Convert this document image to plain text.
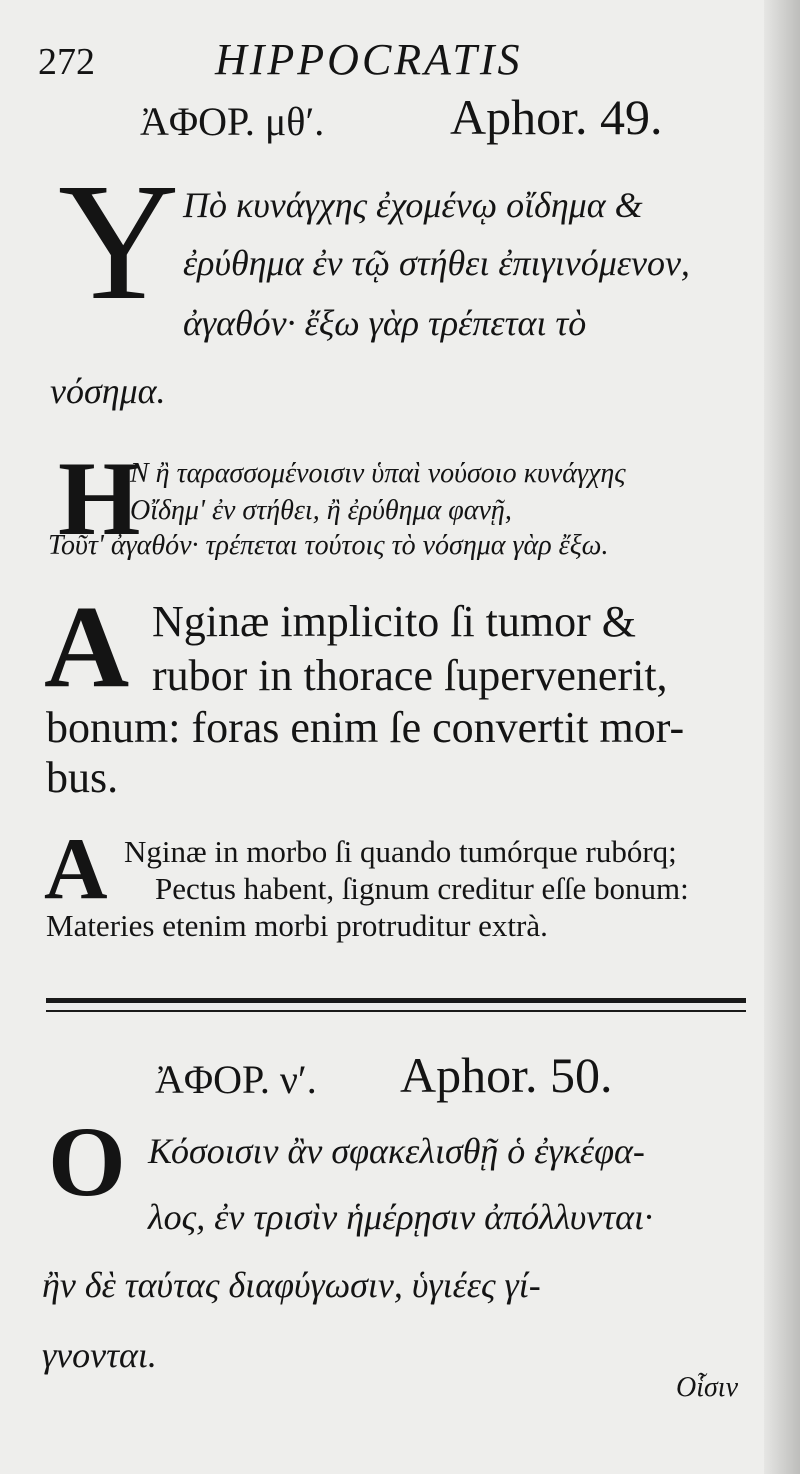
272	HIPPOCRATIS
ἈΦΟΡ. μθʹ.	Aphor. 49.
Υ Πὸ κυνάγχης ἐχομένῳ οἴδημα &
ἐρύθημα ἐν τῷ στήθει ἐπιγινόμενον,
ἀγαθόν· ἔξω γὰρ τρέπεται τὸ
νόσημα.
H
Ν ἢ ταρασσομένοισιν ὑπαὶ νούσοιο κυνάγχης
Οἴδημ' ἐν στήθει, ἢ ἐρύθημα φανῇ,
Τοῦτ' ἀγαθόν· τρέπεται τούτοις τὸ νόσημα γὰρ ἔξω.
A Nginæ implicito ſi tumor &
rubor in thorace ſupervenerit,
bonum: foras enim ſe convertit mor-
bus.
A Nginæ in morbo ſi quando tumórque rubórq;
Pectus habent, ſignum creditur eſſe bonum:
Materies etenim morbi protruditur extrà.
ἈΦΟΡ. νʹ. Aphor. 50.
O Κόσοισιν ἂν σφακελισθῇ ὁ ἐγκέφα-
λος, ἐν τρισὶν ἡμέρῃσιν ἀπόλλυνται·
ἢν δὲ ταύτας διαφύγωσιν, ὑγιέες γί-
γνονται.
Οἷσιν
